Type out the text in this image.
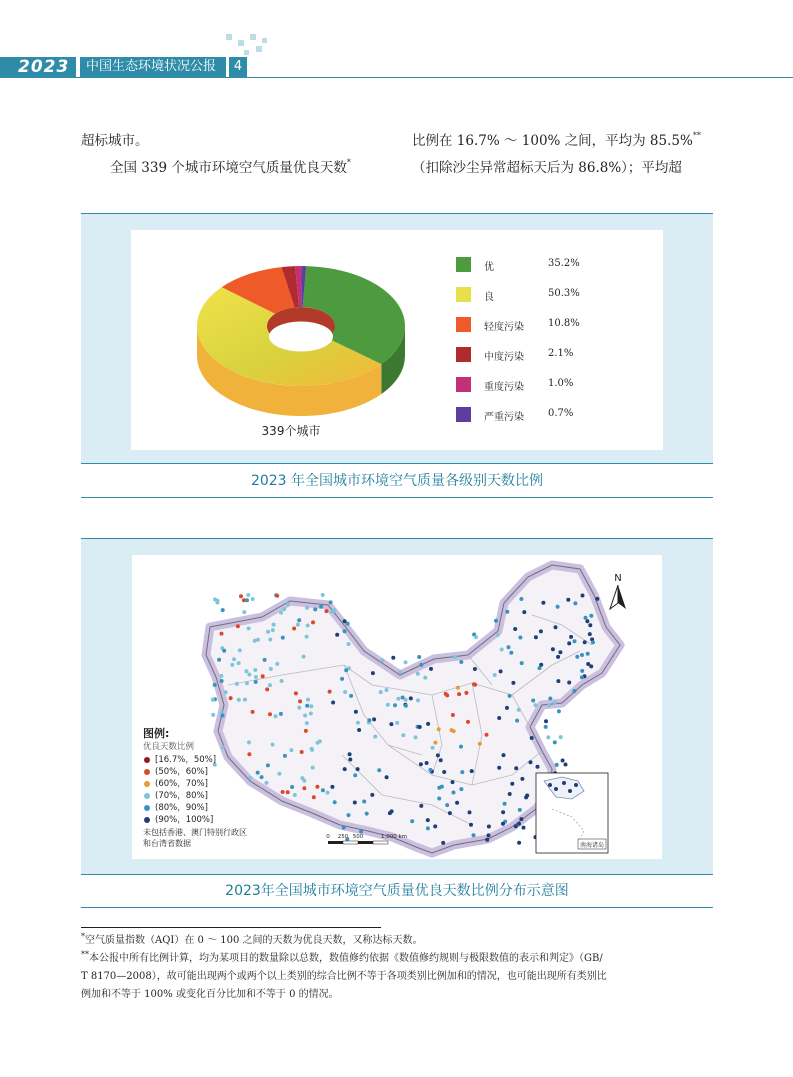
2023	中国生态环境状况公报	4
超标城市。
全国 339 个城市环境空气质量优良天数*
比例在 16.7% ～ 100% 之间，平均为 85.5%**
（扣除沙尘异常超标天后为 86.8%）；平均超
339个城市
优	35.2%
良	50.3%
轻度污染 10.8%
中度污染 2.1%
重度污染 1.0%
严重污染 0.7%
2023 年全国城市环境空气质量各级别天数比例
N
0 250 500	1,000 km
南海诸岛
图例:
优良天数比例
[16.7%，50%]
(50%，60%]
(60%，70%]
(70%，80%]
(80%，90%]
(90%，100%]
未包括香港、澳门特别行政区
和台湾省数据
2023年全国城市环境空气质量优良天数比例分布示意图
*空气质量指数（AQI）在 0 ～ 100 之间的天数为优良天数，又称达标天数。
**本公报中所有比例计算，均为某项目的数量除以总数，数值修约依据《数值修约规则与极限数值的表示和判定》（GB/
T 8170—2008），故可能出现两个或两个以上类别的综合比例不等于各项类别比例加和的情况，也可能出现所有类别比
例加和不等于 100% 或变化百分比加和不等于 0 的情况。
